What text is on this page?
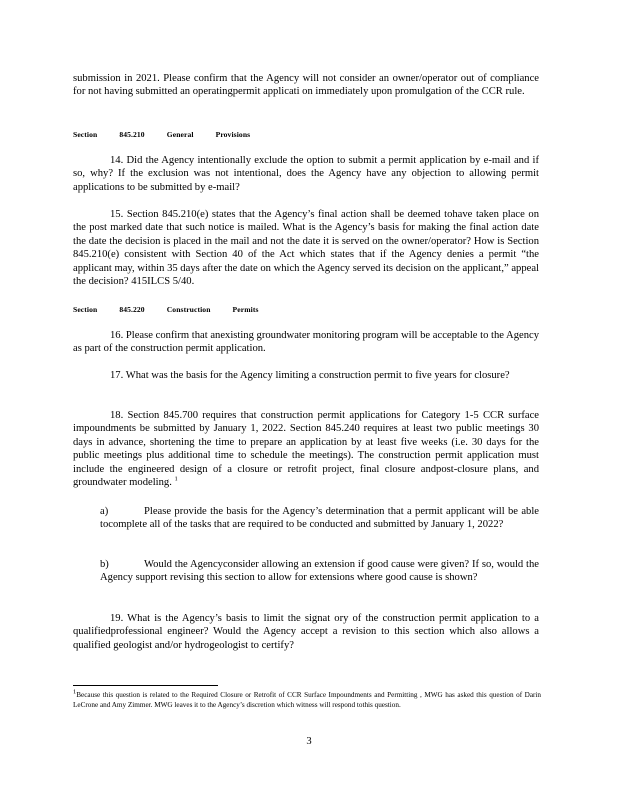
submission in 2021. Please confirm that the Agency will not consider an owner/operator out of compliance for not having submitted an operatingpermit applicati on immediately upon promulgation of the CCR rule.

Section	845.210	General	Provisions

14. Did the Agency intentionally exclude the option to submit a permit application by e-mail and if so, why? If the exclusion was not intentional, does the Agency have any objection to allowing permit applications to be submitted by e-mail?

15. Section 845.210(e) states that the Agency’s final action shall be deemed tohave taken place on the post marked date that such notice is mailed. What is the Agency’s basis for making the final action date the date the decision is placed in the mail and not the date it is served on the owner/operator? How is Section 845.210(e) consistent with Section 40 of the Act which states that if the Agency denies a permit “the applicant may, within 35 days after the date on which the Agency served its decision on the applicant,” appeal the decision? 415ILCS 5/40.

Section	845.220	Construction	Permits

16. Please confirm that anexisting groundwater monitoring program will be acceptable to the Agency as part of the construction permit application.

17. What was the basis for the Agency limiting a construction permit to five years for closure?

18. Section 845.700 requires that construction permit applications for Category 1-5 CCR surface impoundments be submitted by January 1, 2022. Section 845.240 requires at least two public meetings 30 days in advance, shortening the time to prepare an application by at least five weeks (i.e. 30 days for the public meetings plus additional time to schedule the meetings). The construction permit application must include the engineered design of a closure or retrofit project, final closure andpost-closure plans, and groundwater modeling. $^1$

a)	Please provide the basis for the Agency’s determination that a permit applicant will be able tocomplete all of the tasks that are required to be conducted and submitted by January 1, 2022?

b)	Would the Agencyconsider allowing an extension if good cause were given? If so, would the Agency support revising this section to allow for extensions where good cause is shown?

19. What is the Agency’s basis to limit the signat ory of the construction permit application to a qualifiedprofessional engineer? Would the Agency accept a revision to this section which also allows a qualified geologist and/or hydrogeologist to certify?

1Because this question is related to the Required Closure or Retrofit of CCR Surface Impoundments and Permitting , MWG has asked this question of Darin LeCrone and Amy Zimmer. MWG leaves it to the Agency’s discretion which witness will respond tothis question.

3
